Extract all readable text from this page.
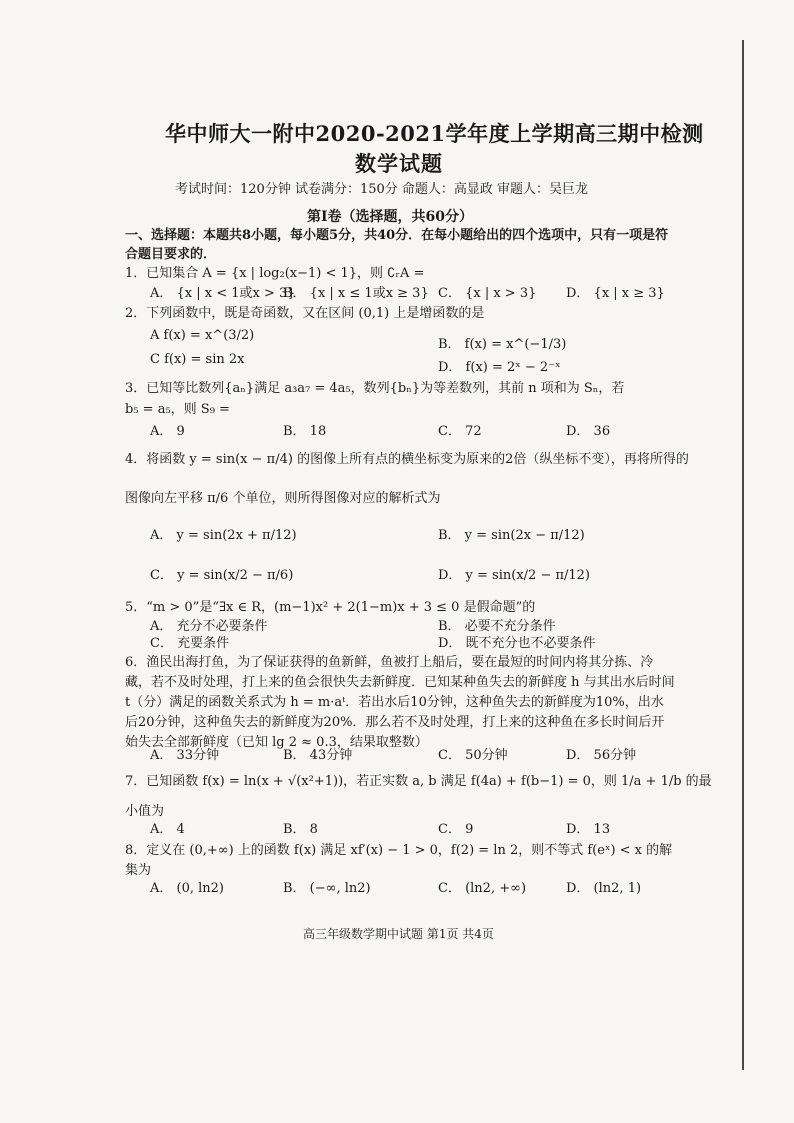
华中师大一附中2020-2021学年度上学期高三期中检测
数学试题
考试时间：120分钟 试卷满分：150分 命题人：高显政 审题人：吴巨龙
第Ⅰ卷（选择题，共60分）
一、选择题：本题共8小题，每小题5分，共40分．在每小题给出的四个选项中，只有一项是符合题目要求的．
1．已知集合 A = {x | log₂(x−1) < 1}，则 ∁ᵣA =
A． {x | x < 1或x > 3}
B． {x | x ≤ 1或x ≥ 3} C． {x | x > 3} D． {x | x ≥ 3}
2．下列函数中，既是奇函数，又在区间 (0,1) 上是增函数的是
A f(x) = x^(3/2)
B． f(x) = x^(−1/3)
C f(x) = sin 2x
D． f(x) = 2ˣ − 2⁻ˣ
3．已知等比数列{aₙ}满足 a₃a₇ = 4a₅，数列{bₙ}为等差数列，其前 n 项和为 Sₙ，若
b₅ = a₅，则 S₉ =
A． 9	B． 18	C． 72	D． 36
4．将函数 y = sin(x − π/4) 的图像上所有点的横坐标变为原来的2倍（纵坐标不变），再将所得的
图像向左平移 π/6 个单位，则所得图像对应的解析式为
A． y = sin(2x + π/12)	B． y = sin(2x − π/12)
C． y = sin(x/2 − π/6)	D． y = sin(x/2 − π/12)
5．“m > 0”是“∃x ∈ R，(m−1)x² + 2(1−m)x + 3 ≤ 0 是假命题”的
A． 充分不必要条件	B． 必要不充分条件
C． 充要条件	D． 既不充分也不必要条件
6．渔民出海打鱼，为了保证获得的鱼新鲜，鱼被打上船后，要在最短的时间内将其分拣、冷藏，若不及时处理，打上来的鱼会很快失去新鲜度．已知某种鱼失去的新鲜度 h 与其出水后时间 t（分）满足的函数关系式为 h = m·aᵗ．若出水后10分钟，这种鱼失去的新鲜度为10%，出水后20分钟，这种鱼失去的新鲜度为20%．那么若不及时处理，打上来的这种鱼在多长时间后开始失去全部新鲜度（已知 lg 2 ≈ 0.3，结果取整数）
A． 33分钟	B． 43分钟	C． 50分钟	D． 56分钟
7．已知函数 f(x) = ln(x + √(x²+1))，若正实数 a, b 满足 f(4a) + f(b−1) = 0，则 1/a + 1/b 的最
小值为
A． 4	B． 8	C． 9	D． 13
8．定义在 (0,+∞) 上的函数 f(x) 满足 xf′(x) − 1 > 0，f(2) = ln 2，则不等式 f(eˣ) < x 的解
集为
A． (0, ln2)	B． (−∞, ln2)	C． (ln2, +∞)	D． (ln2, 1)
高三年级数学期中试题 第1页 共4页
